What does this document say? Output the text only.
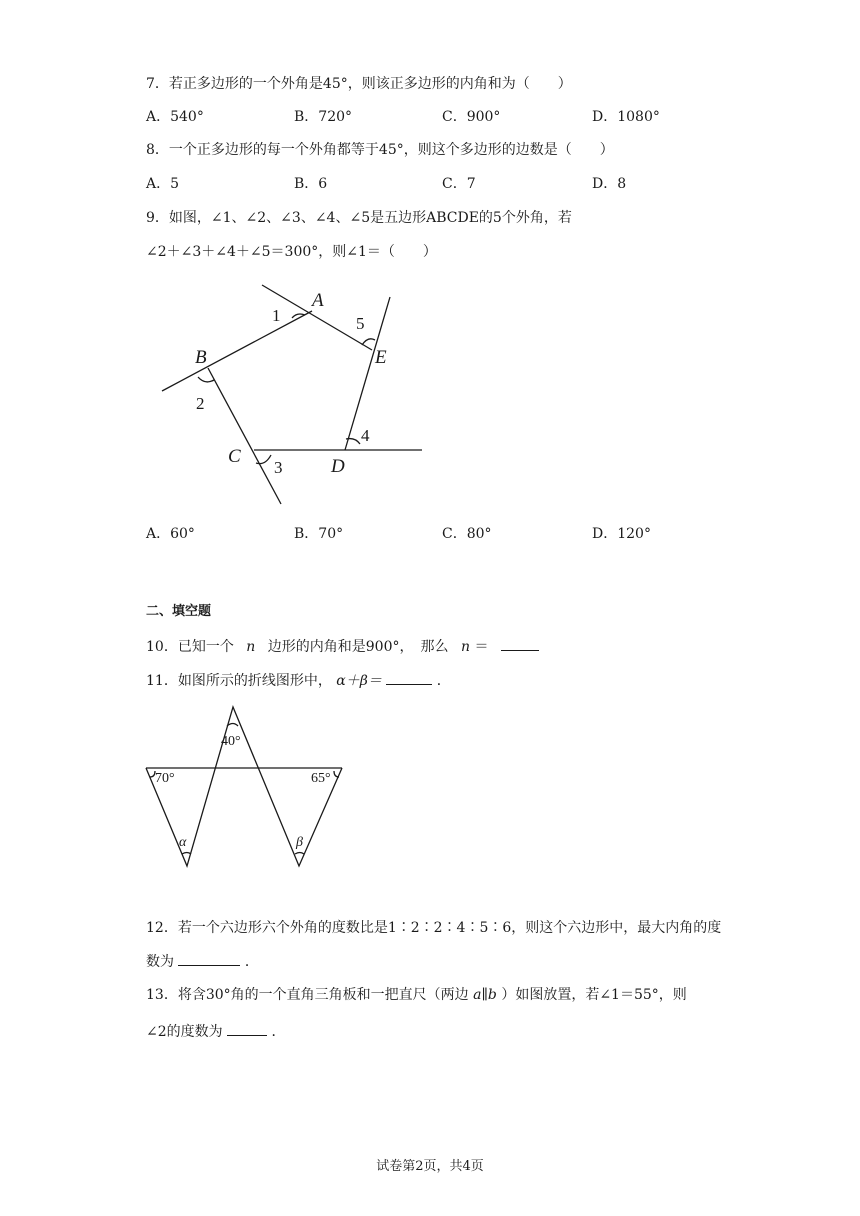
7．若正多边形的一个外角是45°，则该正多边形的内角和为（　　）
A．540°	B．720°	C．900°	D．1080°
8．一个正多边形的每一个外角都等于45°，则这个多边形的边数是（　　）
A．5	B．6	C．7	D．8
9．如图，∠1、∠2、∠3、∠4、∠5是五边形ABCDE的5个外角，若
∠2＋∠3＋∠4＋∠5＝300°，则∠1＝（　　）
A
B
C	D
E
1
2
3
4
5
A．60°	B．70°	C．80°	D．120°
二、填空题
10．已知一个 n 边形的内角和是900°，　那么 n ＝
11．如图所示的折线图形中， α＋β＝	．
40°
70°	65°
α	β
12．若一个六边形六个外角的度数比是1∶2∶2∶4∶5∶6，则这个六边形中，最大内角的度
数为	．
13．将含30°角的一个直角三角板和一把直尺（两边 a∥b ）如图放置，若∠1＝55°，则
∠2的度数为	．
试卷第2页，共4页
